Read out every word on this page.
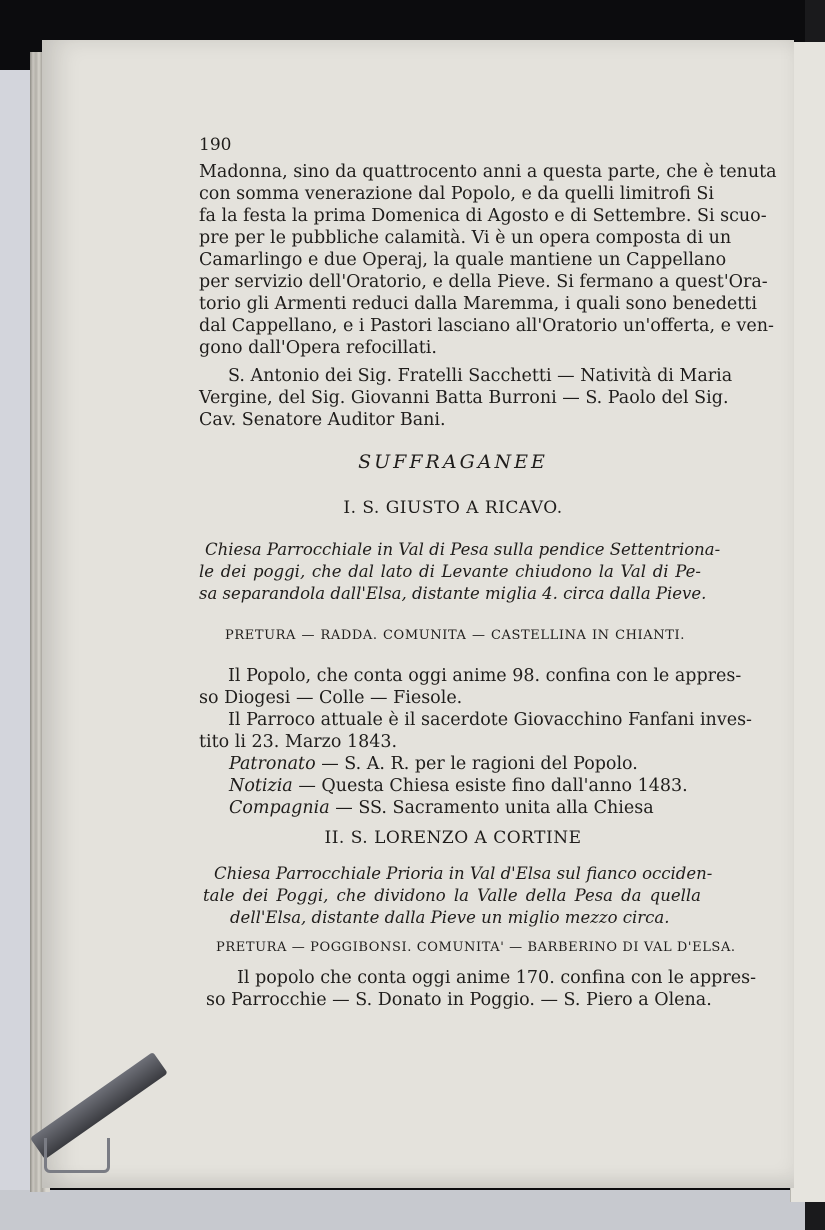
190
Madonna, sino da quattrocento anni a questa parte, che è tenuta
con somma venerazione dal Popolo, e da quelli limitrofi Si
fa la festa la prima Domenica di Agosto e di Settembre. Si scuo-
pre per le pubbliche calamità. Vi è un opera composta di un
Camarlingo e due Operaj, la quale mantiene un Cappellano
per servizio dell'Oratorio, e della Pieve. Si fermano a quest'Ora-
torio gli Armenti reduci dalla Maremma, i quali sono benedetti
dal Cappellano, e i Pastori lasciano all'Oratorio un'offerta, e ven-
gono dall'Opera refocillati.
S. Antonio dei Sig. Fratelli Sacchetti — Natività di Maria
Vergine, del Sig. Giovanni Batta Burroni — S. Paolo del Sig.
Cav. Senatore Auditor Bani.
SUFFRAGANEE
I. S. GIUSTO A RICAVO.
Chiesa Parrocchiale in Val di Pesa sulla pendice Settentriona-
le dei poggi, che dal lato di Levante chiudono la Val di Pe-
sa separandola dall'Elsa, distante miglia 4. circa dalla Pieve.
PRETURA — RADDA. COMUNITA — CASTELLINA IN CHIANTI.
Il Popolo, che conta oggi anime 98. confina con le appres-
so Diogesi — Colle — Fiesole.
Il Parroco attuale è il sacerdote Giovacchino Fanfani inves-
tito li 23. Marzo 1843.
Patronato — S. A. R. per le ragioni del Popolo.
Notizia — Questa Chiesa esiste fino dall'anno 1483.
Compagnia — SS. Sacramento unita alla Chiesa
II. S. LORENZO A CORTINE
Chiesa Parrocchiale Prioria in Val d'Elsa sul fianco occiden-
tale dei Poggi, che dividono la Valle della Pesa da quella
dell'Elsa, distante dalla Pieve un miglio mezzo circa.
PRETURA — POGGIBONSI. COMUNITA' — BARBERINO DI VAL D'ELSA.
Il popolo che conta oggi anime 170. confina con le appres-
so Parrocchie — S. Donato in Poggio. — S. Piero a Olena.
